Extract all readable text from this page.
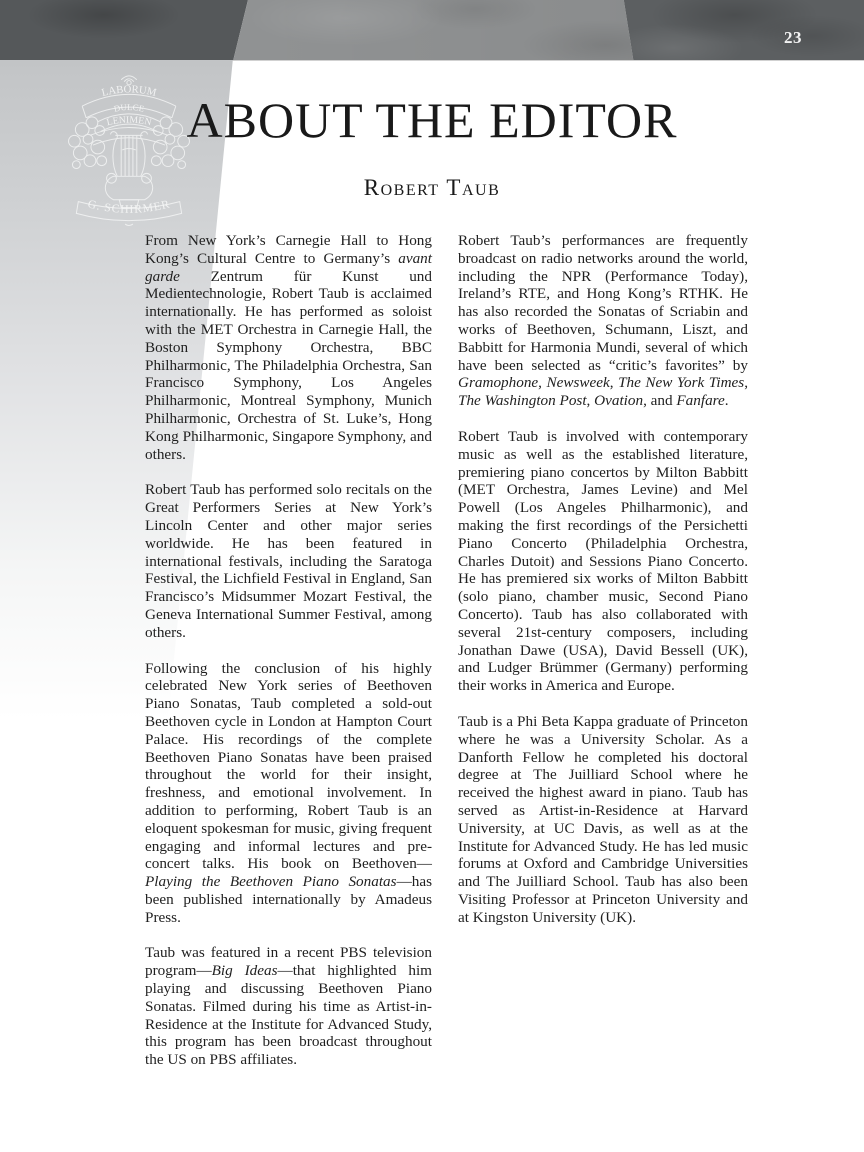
23
LABORUM
DULCE
LENIMEN
G. SCHIRMER
ABOUT THE EDITOR
Robert Taub

From New York’s Carnegie Hall to Hong Kong’s Cultural Centre to Germany’s avant garde Zentrum für Kunst und Medientechnologie, Robert Taub is acclaimed internationally. He has performed as soloist with the MET Orchestra in Carnegie Hall, the Boston Symphony Orchestra, BBC Philharmonic, The Philadelphia Orchestra, San Francisco Symphony, Los Angeles Philharmonic, Montreal Symphony, Munich Philharmonic, Orchestra of St. Luke’s, Hong Kong Philharmonic, Singapore Symphony, and others.

Robert Taub has performed solo recitals on the Great Performers Series at New York’s Lincoln Center and other major series worldwide. He has been featured in international festivals, including the Saratoga Festival, the Lichfield Festival in England, San Francisco’s Midsummer Mozart Festival, the Geneva International Summer Festival, among others.

Following the conclusion of his highly celebrated New York series of Beethoven Piano Sonatas, Taub completed a sold-out Beethoven cycle in London at Hampton Court Palace. His recordings of the complete Beethoven Piano Sonatas have been praised throughout the world for their insight, freshness, and emotional involvement. In addition to performing, Robert Taub is an eloquent spokesman for music, giving frequent engaging and informal lectures and pre-concert talks. His book on Beethoven—Playing the Beethoven Piano Sonatas—has been published internationally by Amadeus Press.

Taub was featured in a recent PBS television program—Big Ideas—that highlighted him playing and discussing Beethoven Piano Sonatas. Filmed during his time as Artist-in-Residence at the Institute for Advanced Study, this program has been broadcast throughout the US on PBS affiliates.

Robert Taub’s performances are frequently broadcast on radio networks around the world, including the NPR (Performance Today), Ireland’s RTE, and Hong Kong’s RTHK. He has also recorded the Sonatas of Scriabin and works of Beethoven, Schumann, Liszt, and Babbitt for Harmonia Mundi, several of which have been selected as “critic’s favorites” by Gramophone, Newsweek, The New York Times, The Washington Post, Ovation, and Fanfare.

Robert Taub is involved with contemporary music as well as the established literature, premiering piano concertos by Milton Babbitt (MET Orchestra, James Levine) and Mel Powell (Los Angeles Philharmonic), and making the first recordings of the Persichetti Piano Concerto (Philadelphia Orchestra, Charles Dutoit) and Sessions Piano Concerto. He has premiered six works of Milton Babbitt (solo piano, chamber music, Second Piano Concerto). Taub has also collaborated with several 21st-century composers, including Jonathan Dawe (USA), David Bessell (UK), and Ludger Brümmer (Germany) performing their works in America and Europe.

Taub is a Phi Beta Kappa graduate of Princeton where he was a University Scholar. As a Danforth Fellow he completed his doctoral degree at The Juilliard School where he received the highest award in piano. Taub has served as Artist-in-Residence at Harvard University, at UC Davis, as well as at the Institute for Advanced Study. He has led music forums at Oxford and Cambridge Universities and The Juilliard School. Taub has also been Visiting Professor at Princeton University and at Kingston University (UK).
